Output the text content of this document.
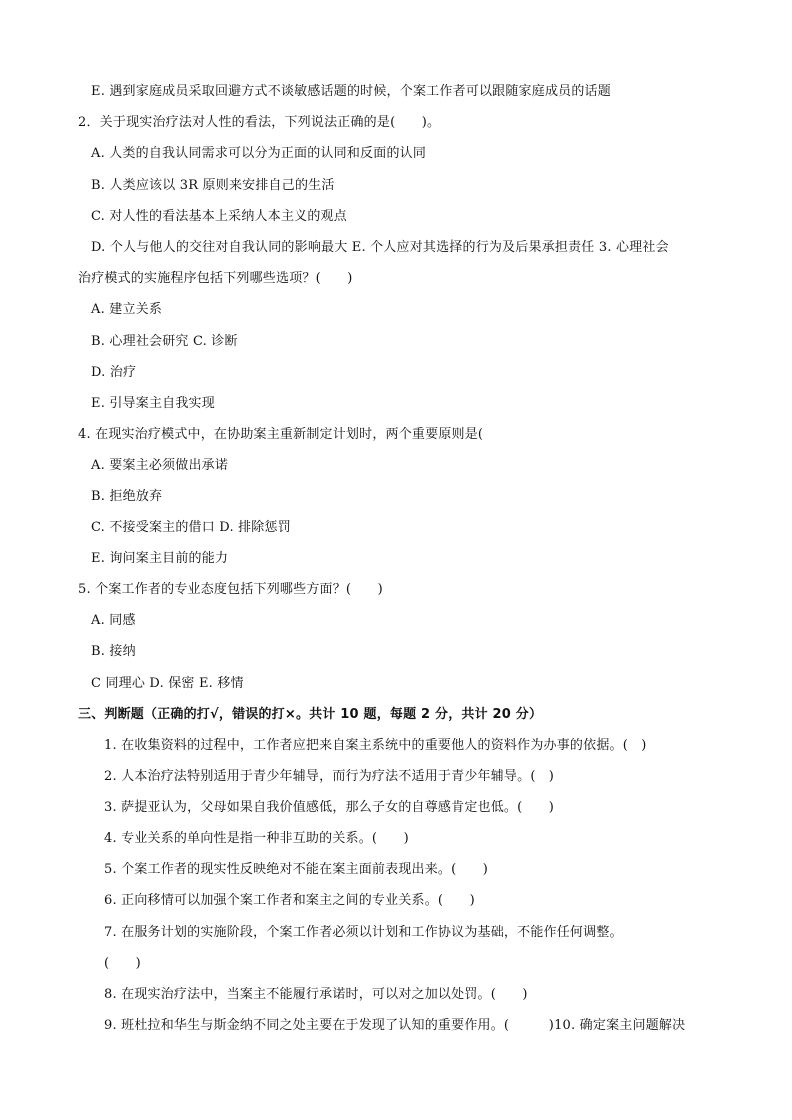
E. 遇到家庭成员采取回避方式不谈敏感话题的时候，个案工作者可以跟随家庭成员的话题
2．关于现实治疗法对人性的看法，下列说法正确的是(　　)。
A. 人类的自我认同需求可以分为正面的认同和反面的认同
B. 人类应该以 3R 原则来安排自己的生活
C. 对人性的看法基本上采纳人本主义的观点
D. 个人与他人的交往对自我认同的影响最大 E. 个人应对其选择的行为及后果承担责任 3. 心理社会
治疗模式的实施程序包括下列哪些选项？(　　)
A. 建立关系
B. 心理社会研究 C. 诊断
D. 治疗
E. 引导案主自我实现
4. 在现实治疗模式中，在协助案主重新制定计划时，两个重要原则是(
A. 要案主必须做出承诺
B. 拒绝放弃
C. 不接受案主的借口 D. 排除惩罚
E. 询问案主目前的能力
5. 个案工作者的专业态度包括下列哪些方面？(　　)
A. 同感
B. 接纳
C 同理心 D. 保密 E. 移情
三、判断题（正确的打√，错误的打×。共计 10 题，每题 2 分，共计 20 分）
1. 在收集资料的过程中，工作者应把来自案主系统中的重要他人的资料作为办事的依据。(　)
2. 人本治疗法特别适用于青少年辅导，而行为疗法不适用于青少年辅导。(　)
3. 萨提亚认为，父母如果自我价值感低，那么子女的自尊感肯定也低。(　　)
4. 专业关系的单向性是指一种非互助的关系。(　　)
5. 个案工作者的现实性反映绝对不能在案主面前表现出来。(　　)
6. 正向移情可以加强个案工作者和案主之间的专业关系。(　　)
7. 在服务计划的实施阶段，个案工作者必须以计划和工作协议为基础，不能作任何调整。
(　　)
8. 在现实治疗法中，当案主不能履行承诺时，可以对之加以处罚。(　　)
9. 班杜拉和华生与斯金纳不同之处主要在于发现了认知的重要作用。(　　　)10. 确定案主问题解决
